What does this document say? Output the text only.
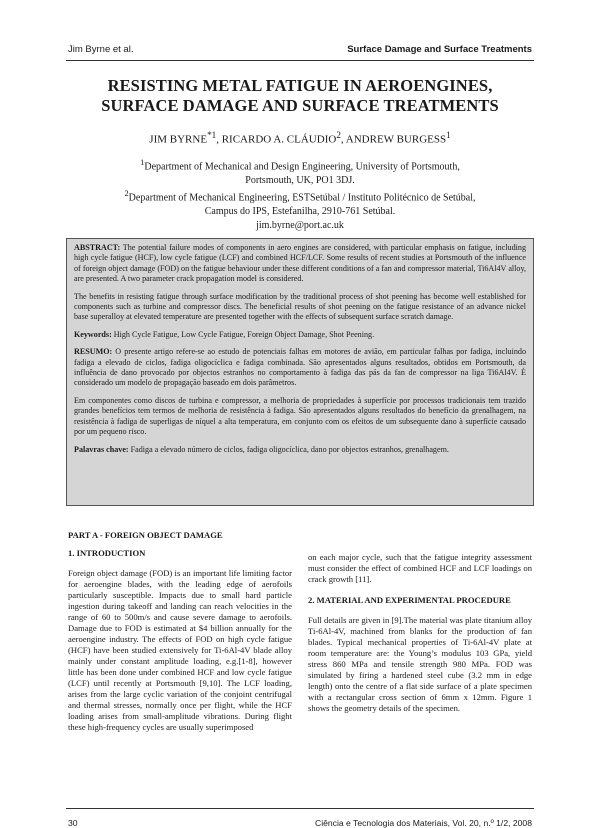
Jim Byrne et al.	Surface Damage and Surface Treatments
RESISTING METAL FATIGUE IN AEROENGINES,
SURFACE DAMAGE AND SURFACE TREATMENTS
JIM BYRNE$^{*1}$, RICARDO A. CLÁUDIO$^2$, ANDREW BURGESS$^1$

$^1$Department of Mechanical and Design Engineering, University of Portsmouth,

Portsmouth, UK, PO1 3DJ.

$^2$Department of Mechanical Engineering, ESTSetúbal / Instituto Politécnico de Setúbal,

Campus do IPS, Estefanilha, 2910-761 Setúbal.

jim.byrne@port.ac.uk

ABSTRACT: The potential failure modes of components in aero engines are considered, with particular emphasis on fatigue, including high cycle fatigue (HCF), low cycle fatigue (LCF) and combined HCF/LCF. Some results of recent studies at Portsmouth of the influence of foreign object damage (FOD) on the fatigue behaviour under these different conditions of a fan and compressor material, Ti6Al4V alloy, are presented. A two parameter crack propagation model is considered.

The benefits in resisting fatigue through surface modification by the traditional process of shot peening has become well established for components such as turbine and compressor discs. The beneficial results of shot peening on the fatigue resistance of an advance nickel base superalloy at elevated temperature are presented together with the effects of subsequent surface scratch damage.

Keywords: High Cycle Fatigue, Low Cycle Fatigue, Foreign Object Damage, Shot Peening.

RESUMO: O presente artigo refere-se ao estudo de potenciais falhas em motores de avião, em particular falhas por fadiga, incluindo fadiga a elevado de ciclos, fadiga oligocíclica e fadiga combinada. São apresentados alguns resultados, obtidos em Portsmouth, da influência de dano provocado por objectos estranhos no comportamento à fadiga das pás da fan de compressor na liga Ti6Al4V. É considerado um modelo de propagação baseado em dois parâmetros.

Em componentes como discos de turbina e compressor, a melhoria de propriedades à superfície por processos tradicionais tem trazido grandes benefícios tem termos de melhoria de resistência à fadiga. São apresentados alguns resultados do benefício da grenalhagem, na resistência à fadiga de superligas de níquel a alta temperatura, em conjunto com os efeitos de um subsequente dano à superfície causado por um pequeno risco.

Palavras chave: Fadiga a elevado número de ciclos, fadiga oligocíclica, dano por objectos estranhos, grenalhagem.

PART A - FOREIGN OBJECT DAMAGE
1. INTRODUCTION

Foreign object damage (FOD) is an important life limiting factor for aeroengine blades, with the leading edge of aerofoils particularly susceptible. Impacts due to small hard particle ingestion during takeoff and landing can reach velocities in the range of 60 to 500m/s and cause severe damage to aerofoils. Damage due to FOD is estimated at $4 billion annually for the aeroengine industry. The effects of FOD on high cycle fatigue (HCF) have been studied extensively for Ti-6Al-4V blade alloy mainly under constant amplitude loading, e.g.[1-8], however little has been done under combined HCF and low cycle fatigue (LCF) until recently at Portsmouth [9,10]. The LCF loading, arises from the large cyclic variation of the conjoint centrifugal and thermal stresses, normally once per flight, while the HCF loading arises from small-amplitude vibrations. During flight these high-frequency cycles are usually superimposed

on each major cycle, such that the fatigue integrity assessment must consider the effect of combined HCF and LCF loadings on crack growth [11].

2. MATERIAL AND EXPERIMENTAL PROCEDURE

Full details are given in [9].The material was plate titanium alloy Ti-6Al-4V, machined from blanks for the production of fan blades. Typical mechanical properties of Ti-6Al-4V plate at room temperature are: the Young’s modulus 103 GPa, yield stress 860 MPa and tensile strength 980 MPa. FOD was simulated by firing a hardened steel cube (3.2 mm in edge length) onto the centre of a flat side surface of a plate specimen with a rectangular cross section of 6mm x 12mm. Figure 1 shows the geometry details of the specimen.

30	Ciência e Tecnologia dos Materiais, Vol. 20, n.º 1/2, 2008
